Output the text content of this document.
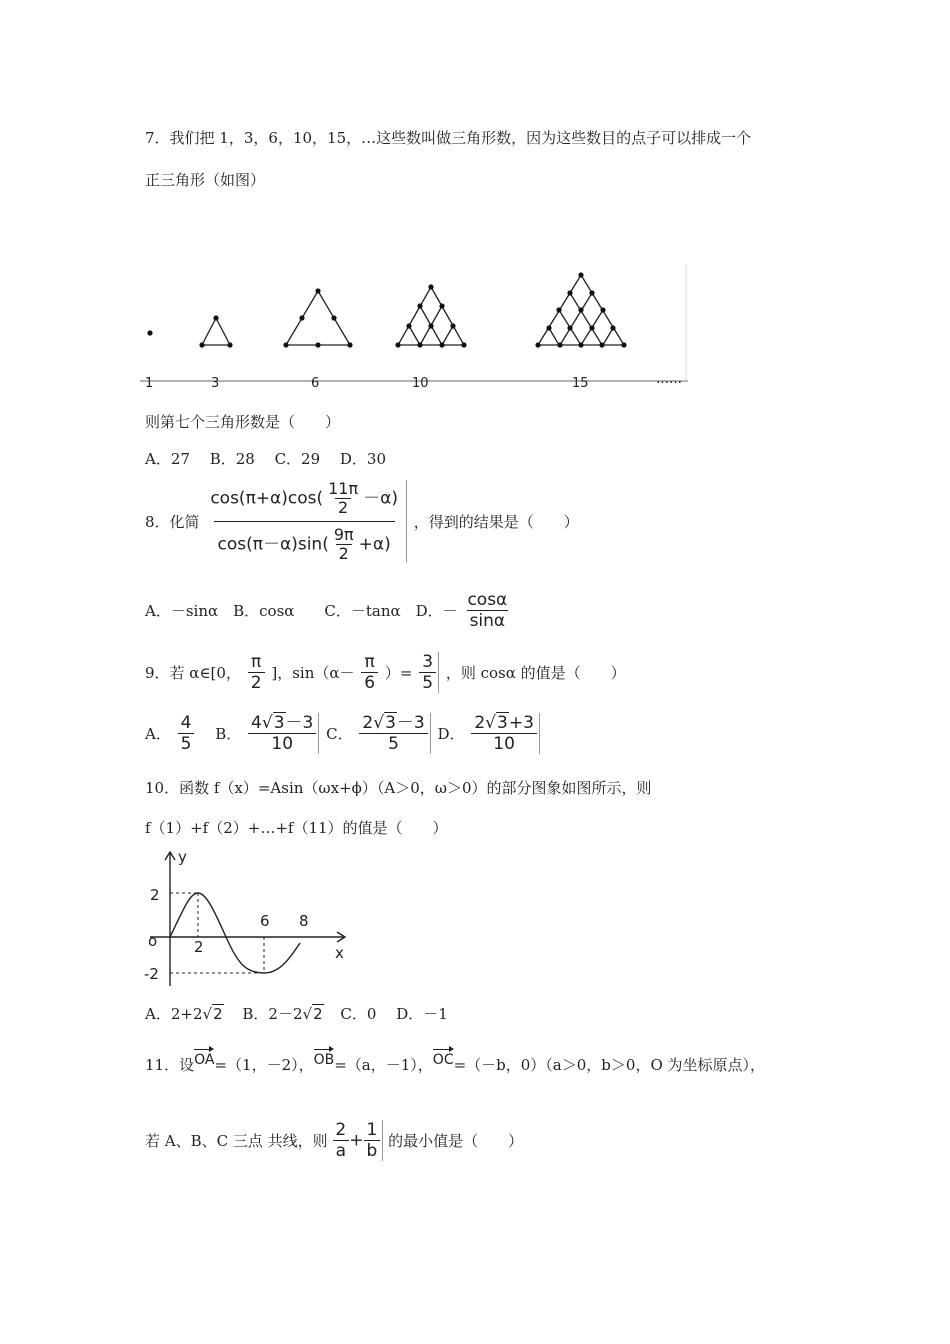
7．我们把 1，3，6，10，15，…这些数叫做三角形数，因为这些数目的点子可以排成一个
正三角形（如图）
1	3	6	10	15	……
则第七个三角形数是（　　）
A．27　 B．28　 C．29　 D．30
8．化简 $\frac{\cos(\pi+\alpha)\cos( \frac{11\pi}{2} -\alpha)}{\cos(\pi-\alpha)\sin( \frac{9\pi}{2} +\alpha)}$ ，得到的结果是（　　）
A．－sinα　B．cosα　　C．－tanα　D．－ $\frac{\cos\alpha}{\sin\alpha}$
9．若 α∈[0， $\frac{\pi}{2}$ ]，$\sin(\alpha- \frac{\pi}{6}$ ）= $\frac{3}{5}$ ，则 cosα 的值是（　　）
A． $\frac{4}{5}$ B． $\frac{4√3-3}{10}$ C． $\frac{2√3-3}{5}$ D． $\frac{2√3+3}{10}$
10．函数 f（x）=Asin（ωx+ϕ）（A＞0，ω＞0）的部分图象如图所示，则
f（1）+f（2）+…+f（11）的值是（　　）
y
x
o
2
-2
2
6 8
A．2+2√2 B．2－2√2 C．0　 D．－1
11．设OA=（1，－2），OB=（a，－1），OC=（－b，0）（a＞0，b＞0，O 为坐标原点），
若 A、B、C 三点 共线，则 $\frac{2}{a} + \frac{1}{b}$ 的最小值是（　　）
